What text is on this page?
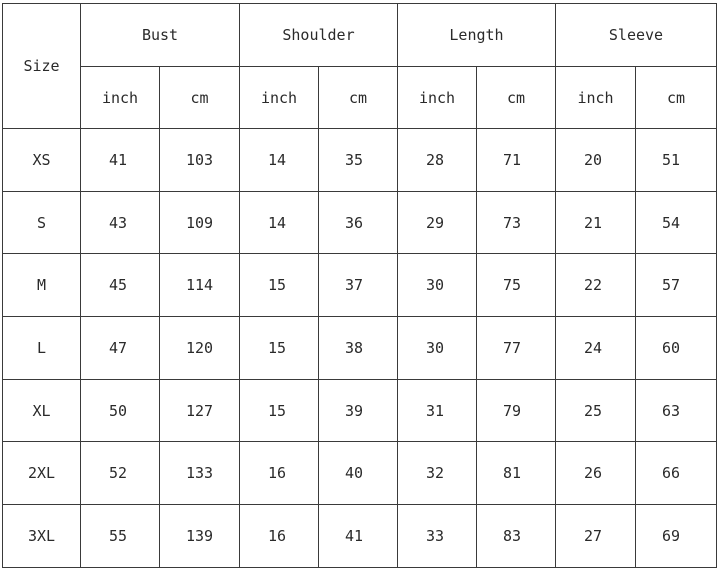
Size	Bust		Shoulder		Length		Sleeve	
	inch	cm	inch	cm	inch	cm	inch	cm
XS	41	103	14	35	28	71	20	51
S	43	109	14	36	29	73	21	54
M	45	114	15	37	30	75	22	57
L	47	120	15	38	30	77	24	60
XL	50	127	15	39	31	79	25	63
2XL	52	133	16	40	32	81	26	66
3XL	55	139	16	41	33	83	27	69
